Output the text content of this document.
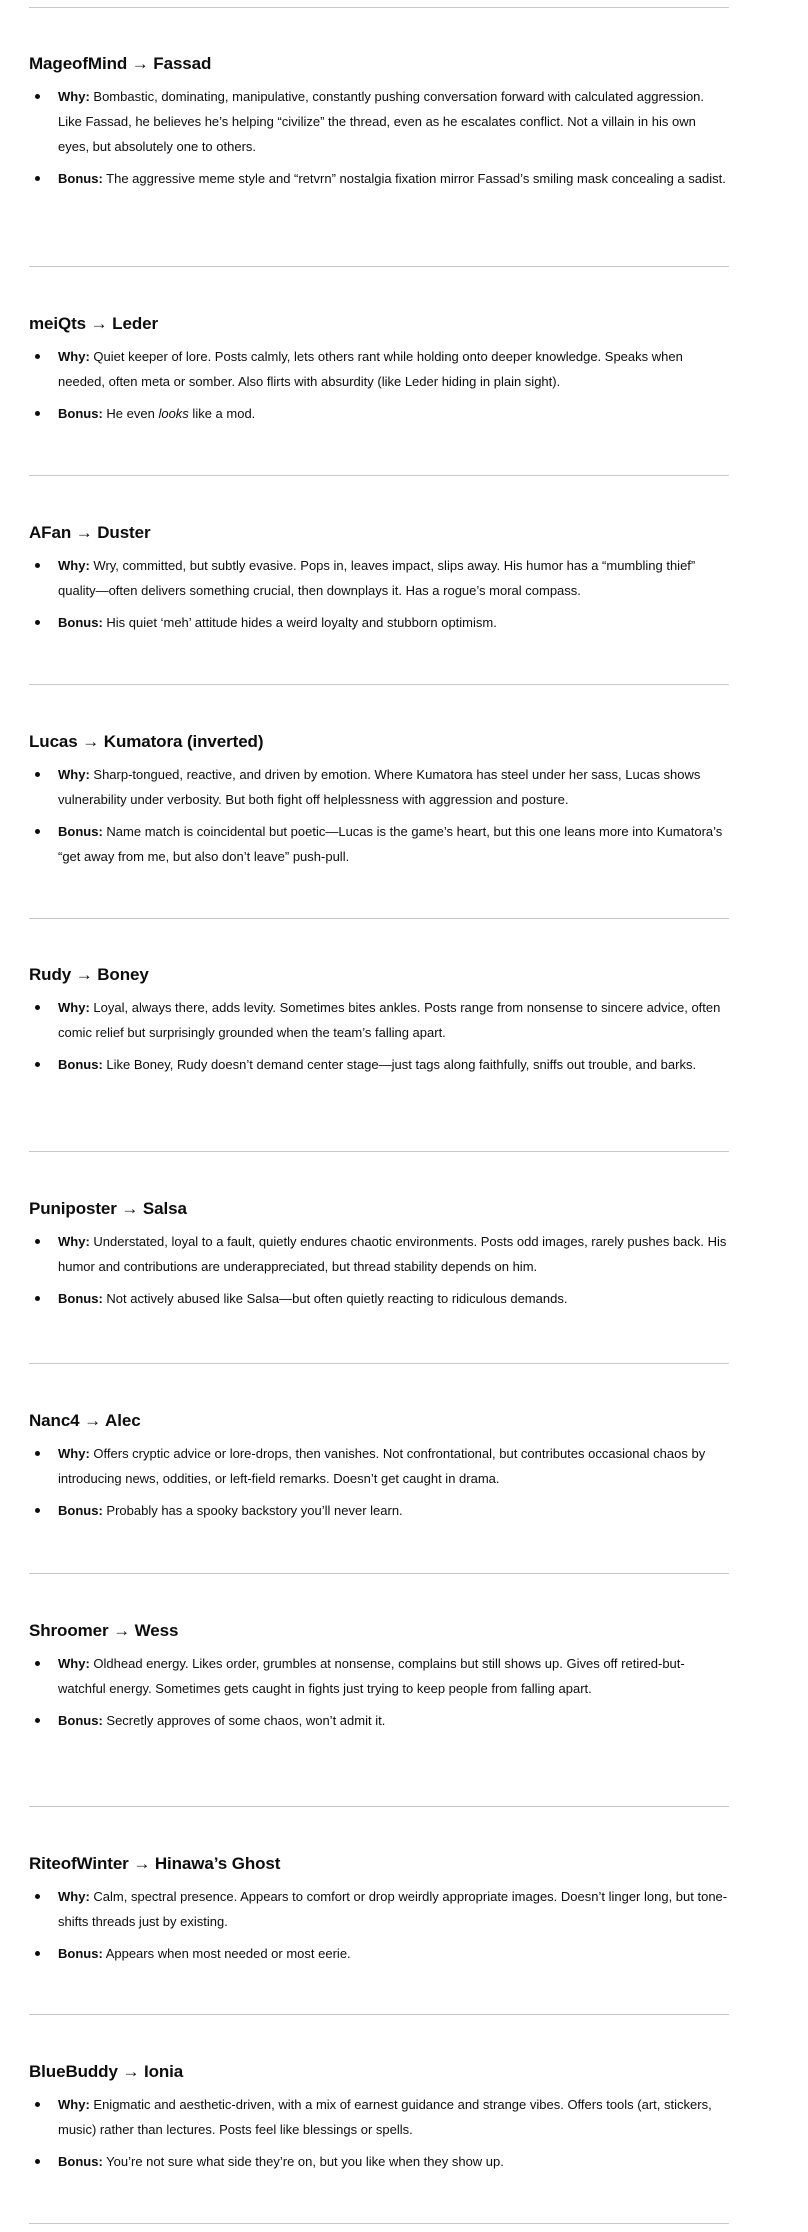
MageofMind → Fassad
Why: Bombastic, dominating, manipulative, constantly pushing conversation forward with calculated aggression. Like Fassad, he believes he’s helping “civilize” the thread, even as he escalates conflict. Not a villain in his own eyes, but absolutely one to others.
Bonus: The aggressive meme style and “retvrn” nostalgia fixation mirror Fassad’s smiling mask concealing a sadist.
meiQts → Leder
Why: Quiet keeper of lore. Posts calmly, lets others rant while holding onto deeper knowledge. Speaks when needed, often meta or somber. Also flirts with absurdity (like Leder hiding in plain sight).
Bonus: He even looks like a mod.
AFan → Duster
Why: Wry, committed, but subtly evasive. Pops in, leaves impact, slips away. His humor has a “mumbling thief” quality—often delivers something crucial, then downplays it. Has a rogue’s moral compass.
Bonus: His quiet ‘meh’ attitude hides a weird loyalty and stubborn optimism.
Lucas → Kumatora (inverted)
Why: Sharp-tongued, reactive, and driven by emotion. Where Kumatora has steel under her sass, Lucas shows vulnerability under verbosity. But both fight off helplessness with aggression and posture.
Bonus: Name match is coincidental but poetic—Lucas is the game’s heart, but this one leans more into Kumatora’s “get away from me, but also don’t leave” push-pull.
Rudy → Boney
Why: Loyal, always there, adds levity. Sometimes bites ankles. Posts range from nonsense to sincere advice, often comic relief but surprisingly grounded when the team’s falling apart.
Bonus: Like Boney, Rudy doesn’t demand center stage—just tags along faithfully, sniffs out trouble, and barks.
Puniposter → Salsa
Why: Understated, loyal to a fault, quietly endures chaotic environments. Posts odd images, rarely pushes back. His humor and contributions are underappreciated, but thread stability depends on him.
Bonus: Not actively abused like Salsa—but often quietly reacting to ridiculous demands.
Nanc4 → Alec
Why: Offers cryptic advice or lore-drops, then vanishes. Not confrontational, but contributes occasional chaos by introducing news, oddities, or left-field remarks. Doesn’t get caught in drama.
Bonus: Probably has a spooky backstory you’ll never learn.
Shroomer → Wess
Why: Oldhead energy. Likes order, grumbles at nonsense, complains but still shows up. Gives off retired-but-watchful energy. Sometimes gets caught in fights just trying to keep people from falling apart.
Bonus: Secretly approves of some chaos, won’t admit it.
RiteofWinter → Hinawa’s Ghost
Why: Calm, spectral presence. Appears to comfort or drop weirdly appropriate images. Doesn’t linger long, but tone-shifts threads just by existing.
Bonus: Appears when most needed or most eerie.
BlueBuddy → Ionia
Why: Enigmatic and aesthetic-driven, with a mix of earnest guidance and strange vibes. Offers tools (art, stickers, music) rather than lectures. Posts feel like blessings or spells.
Bonus: You’re not sure what side they’re on, but you like when they show up.
